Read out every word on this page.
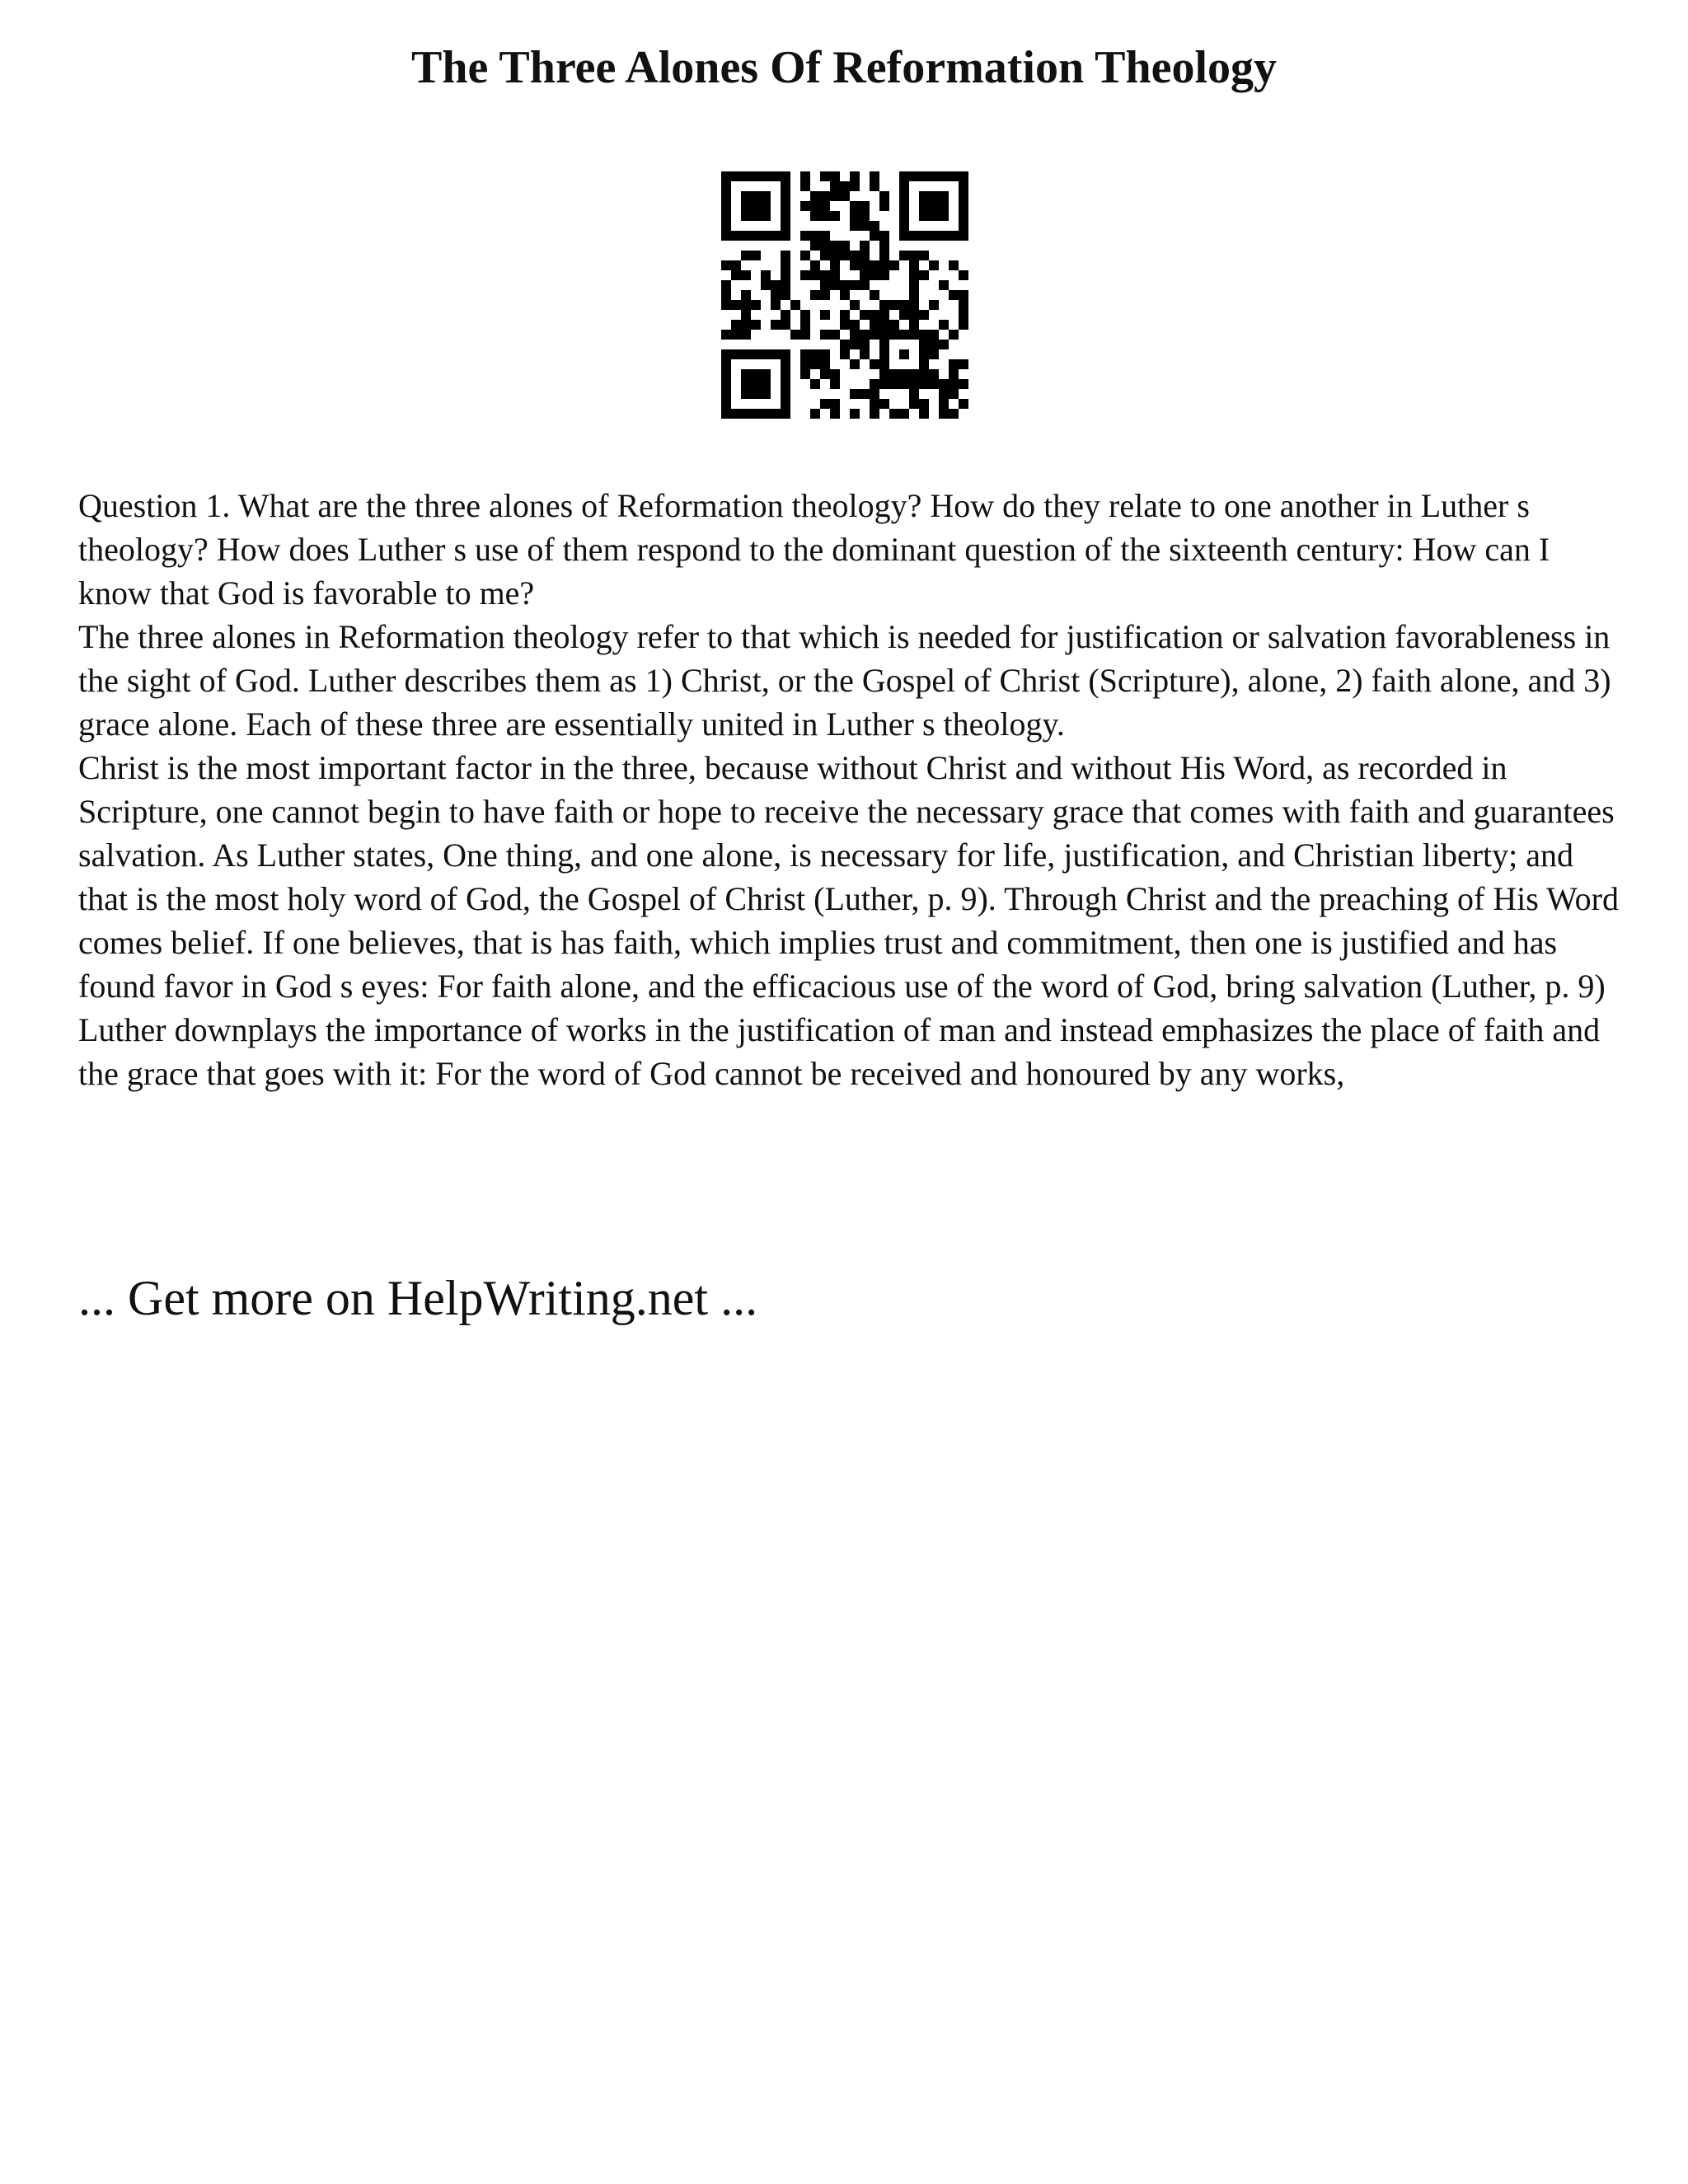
The Three Alones Of Reformation Theology

Question 1. What are the three alones of Reformation theology? How do they relate to one another in Luther s theology? How does Luther s use of them respond to the dominant question of the sixteenth century: How can I know that God is favorable to me?

The three alones in Reformation theology refer to that which is needed for justification or salvation favorableness in the sight of God. Luther describes them as 1) Christ, or the Gospel of Christ (Scripture), alone, 2) faith alone, and 3) grace alone. Each of these three are essentially united in Luther s theology.

Christ is the most important factor in the three, because without Christ and without His Word, as recorded in Scripture, one cannot begin to have faith or hope to receive the necessary grace that comes with faith and guarantees salvation. As Luther states, One thing, and one alone, is necessary for life, justification, and Christian liberty; and that is the most holy word of God, the Gospel of Christ (Luther, p. 9). Through Christ and the preaching of His Word comes belief. If one believes, that is has faith, which implies trust and commitment, then one is justified and has found favor in God s eyes: For faith alone, and the efficacious use of the word of God, bring salvation (Luther, p. 9)

Luther downplays the importance of works in the justification of man and instead emphasizes the place of faith and the grace that goes with it: For the word of God cannot be received and honoured by any works,

... Get more on HelpWriting.net ...
